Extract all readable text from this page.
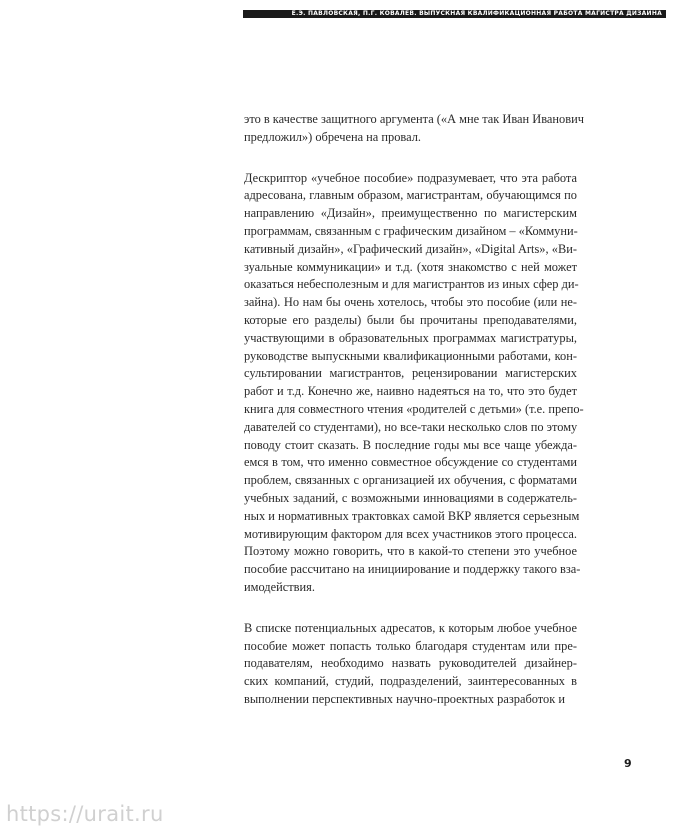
Е.Э. ПАВЛОВСКАЯ, П.Г. КОВАЛЕВ. ВЫПУСКНАЯ КВАЛИФИКАЦИОННАЯ РАБОТА МАГИСТРА ДИЗАЙНА

это в качестве защитного аргумента («А мне так Иван Иванович
предложил») обречена на провал.

Дескриптор «учебное пособие» подразумевает, что эта работа
адресована, главным образом, магистрантам, обучающимся по
направлению «Дизайн», преимущественно по магистерским
программам, связанным с графическим дизайном – «Коммуни-
кативный дизайн», «Графический дизайн», «Digital Arts», «Ви-
зуальные коммуникации» и т.д. (хотя знакомство с ней может
оказаться небесполезным и для магистрантов из иных сфер ди-
зайна). Но нам бы очень хотелось, чтобы это пособие (или не-
которые его разделы) были бы прочитаны преподавателями,
участвующими в образовательных программах магистратуры,
руководстве выпускными квалификационными работами, кон-
сультировании магистрантов, рецензировании магистерских
работ и т.д. Конечно же, наивно надеяться на то, что это будет
книга для совместного чтения «родителей с детьми» (т.е. препо-
давателей со студентами), но все-таки несколько слов по этому
поводу стоит сказать. В последние годы мы все чаще убежда-
емся в том, что именно совместное обсуждение со студентами
проблем, связанных с организацией их обучения, с форматами
учебных заданий, с возможными инновациями в содержатель-
ных и нормативных трактовках самой ВКР является серьезным
мотивирующим фактором для всех участников этого процесса.
Поэтому можно говорить, что в какой-то степени это учебное
пособие рассчитано на инициирование и поддержку такого вза-
имодействия.

В списке потенциальных адресатов, к которым любое учебное
пособие может попасть только благодаря студентам или пре-
подавателям, необходимо назвать руководителей дизайнер-
ских компаний, студий, подразделений, заинтересованных в
выполнении перспективных научно-проектных разработок и

9
https://urait.ru
